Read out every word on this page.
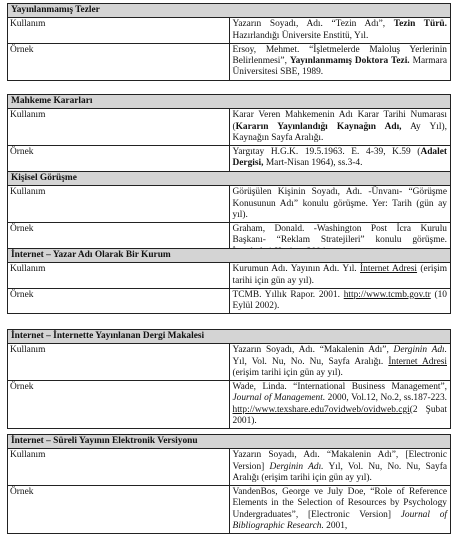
Yayınlanmamış Tezler	
Kullanım	Yazarın Soyadı, Adı. “Tezin Adı”, Tezin Türü. Hazırlandığı Üniversite Enstitü, Yıl.
Örnek	Ersoy, Mehmet. “İşletmelerde Maloluş Yerlerinin Belirlenmesi”, Yayınlanmamış Doktora Tezi. Marmara Üniversitesi SBE, 1989.
Mahkeme Kararları	
Kullanım	Karar Veren Mahkemenin Adı Karar Tarihi Numarası (Kararın Yayınlandığı Kaynağın Adı, Ay Yıl), Kaynağın Sayfa Aralığı.
Örnek	Yargıtay H.G.K. 19.5.1963. E. 4-39, K.59 (Adalet Dergisi, Mart-Nisan 1964), ss.3-4.
Kişisel Görüşme	
Kullanım	Görüşülen Kişinin Soyadı, Adı. -Ünvanı- “Görüşme Konusunun Adı” konulu görüşme. Yer: Tarih (gün ay yıl).
Örnek	Graham, Donald. -Washington Post İcra Kurulu Başkanı- “Reklam Stratejileri” konulu görüşme.
İnternet – Yazar Adı Olarak Bir Kurum	
Kullanım	Kurumun Adı. Yayının Adı. Yıl. İnternet Adresi (erişim tarihi için gün ay yıl).
Örnek	TCMB. Yıllık Rapor. 2001. http://www.tcmb.gov.tr (10 Eylül 2002).
İnternet – İnternette Yayınlanan Dergi Makalesi	
Kullanım	Yazarın Soyadı, Adı. “Makalenin Adı”, Derginin Adı. Yıl, Vol. Nu, No. Nu, Sayfa Aralığı. İnternet Adresi (erişim tarihi için gün ay yıl).
Örnek	Wade, Linda. “International Business Management”, Journal of Management. 2000, Vol.12, No.2, ss.187-223. http://www.texshare.edu7ovidweb/ovidweb.cgi(2 Şubat 2001).
İnternet – Süreli Yayının Elektronik Versiyonu	
Kullanım	Yazarın Soyadı, Adı. “Makalenin Adı”, [Electronic Version] Derginin Adı. Yıl, Vol. Nu, No. Nu, Sayfa Aralığı (erişim tarihi için gün ay yıl).
Örnek	VandenBos, George ve July Doe, “Role of Reference Elements in the Selection of Resources by Psychology Undergraduates”, [Electronic Version] Journal of Bibliographic Research. 2001,
